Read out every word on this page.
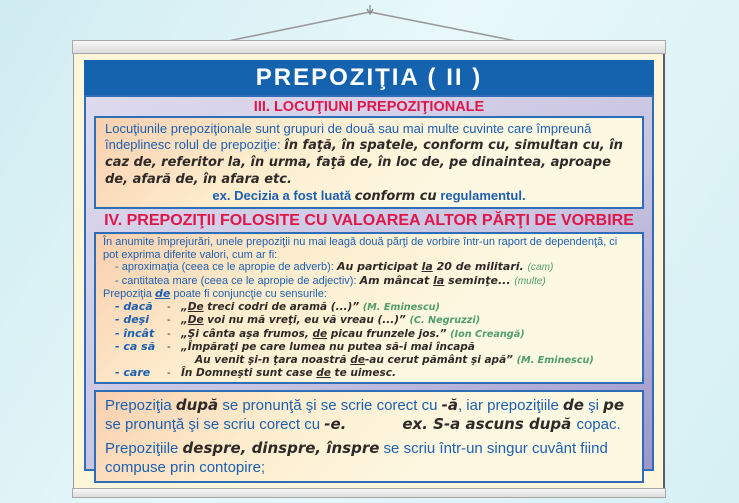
PREPOZIŢIA ( II )
III. LOCUŢIUNI PREPOZIŢIONALE

Locuţiunile prepoziţionale sunt grupuri de două sau mai multe cuvinte care împreună îndeplinesc rolul de prepoziţie: în faţă, în spatele, conform cu, simultan cu, în caz de, referitor la, în urma, faţă de, în loc de, pe dinaintea, aproape de, afară de, în afara etc.

ex. Decizia a fost luată conform cu regulamentul.

IV. PREPOZIŢII FOLOSITE CU VALOAREA ALTOR PĂRŢI DE VORBIRE

În anumite împrejurări, unele prepoziţii nu mai leagă două părţi de vorbire într-un raport de dependenţă, ci pot exprima diferite valori, cum ar fi:

- aproximaţia (ceea ce le apropie de adverb): Au participat la 20 de militari. (cam)

- cantitatea mare (ceea ce le apropie de adjectiv): Am mâncat la seminţe... (multe)

Prepoziţia de poate fi conjuncţie cu sensurile:

- dacă	- „De treci codri de aramă (...)” (M. Eminescu)
- deşi	- „De voi nu mă vreţi, eu vă vreau (...)” (C. Negruzzi)
- încât	- „Şi cânta aşa frumos, de picau frunzele jos.” (Ion Creangă)
- ca să	- „Împăraţi pe care lumea nu putea să-i mai încapă
Au venit şi-n ţara noastră de-au cerut pământ şi apă” (M. Eminescu)
- care	- În Domneşti sunt case de te uimesc.

Prepoziţia după se pronunţă şi se scrie corect cu -ă, iar prepoziţiile de şi pe se pronunţă şi se scriu corect cu -e.	ex. S-a ascuns după copac.

Prepoziţiile despre, dinspre, înspre se scriu într-un singur cuvânt fiind compuse prin contopire;
